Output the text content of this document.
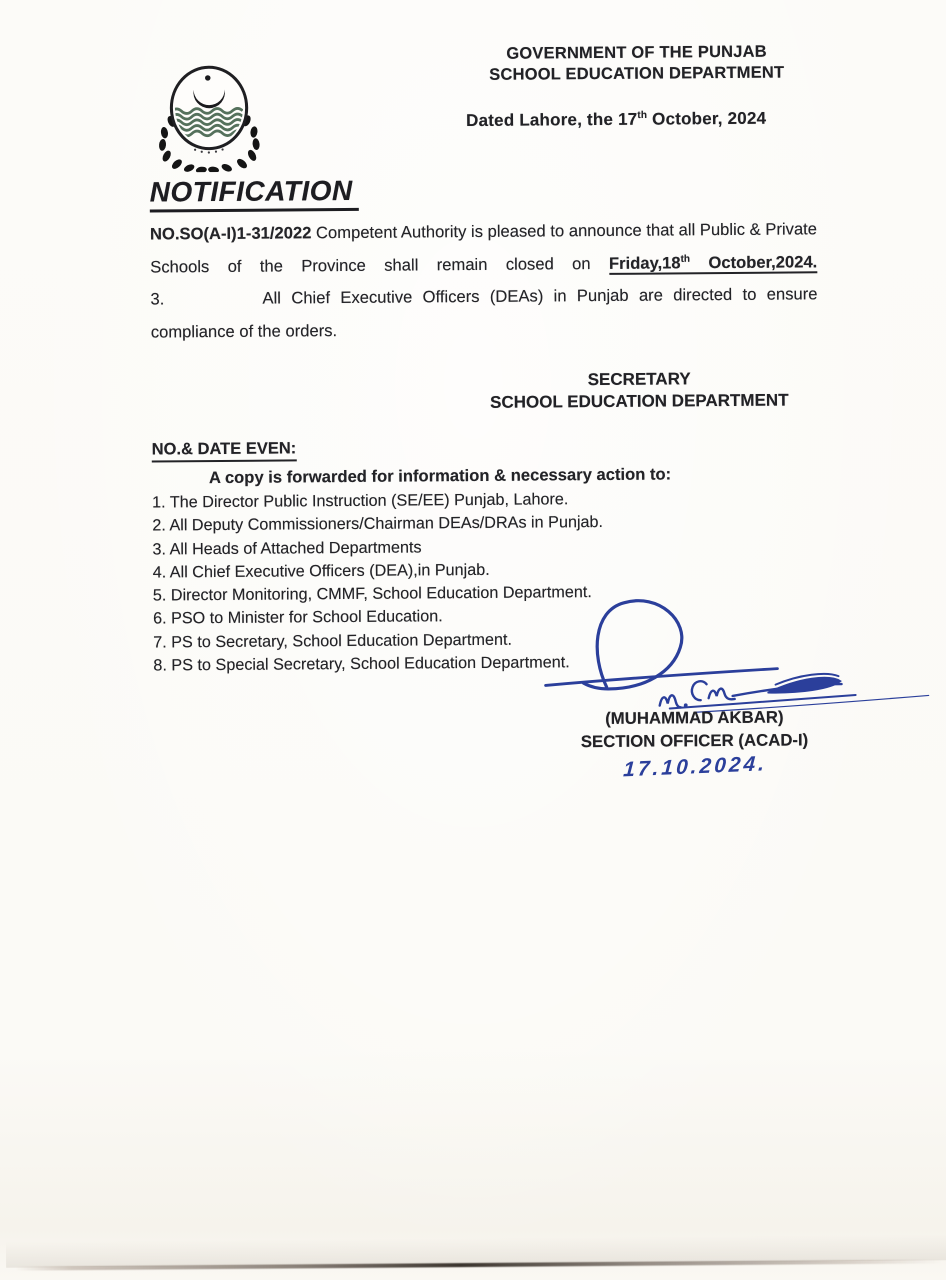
GOVERNMENT OF THE PUNJAB
SCHOOL EDUCATION DEPARTMENT
Dated Lahore, the 17th October, 2024
NOTIFICATION

NO.SO(A-I)1-31/2022 Competent Authority is pleased to announce that all Public & Private Schools of the Province shall remain closed on Friday,18th October,2024.

3.	All Chief Executive Officers (DEAs) in Punjab are directed to ensure compliance of the orders.

SECRETARY
SCHOOL EDUCATION DEPARTMENT
NO.& DATE EVEN:
A copy is forwarded for information & necessary action to:
1. The Director Public Instruction (SE/EE) Punjab, Lahore.
2. All Deputy Commissioners/Chairman DEAs/DRAs in Punjab.
3. All Heads of Attached Departments
4. All Chief Executive Officers (DEA),in Punjab.
5. Director Monitoring, CMMF, School Education Department.
6. PSO to Minister for School Education.
7. PS to Secretary, School Education Department.
8. PS to Special Secretary, School Education Department.
(MUHAMMAD AKBAR)
SECTION OFFICER (ACAD-I)
17.10.2024.
